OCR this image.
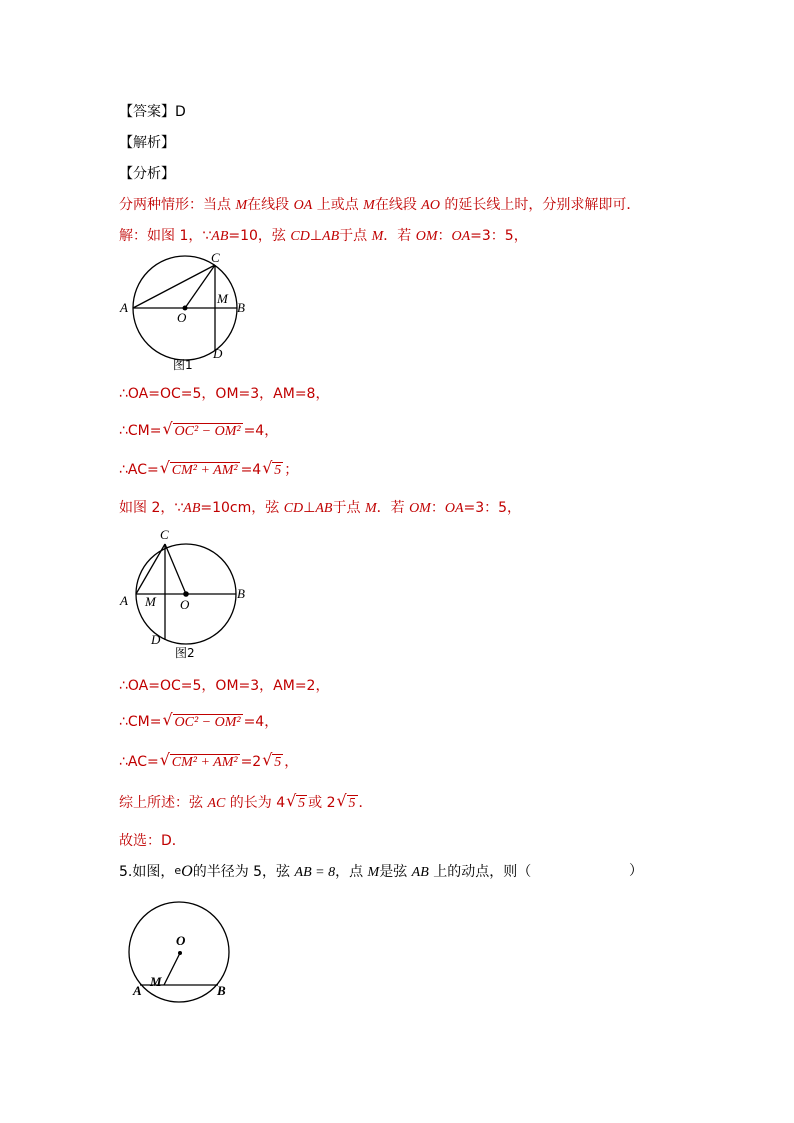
【答案】D
【解析】
【分析】
分两种情形：当点 M在线段 OA 上或点 M在线段 AO 的延长线上时，分别求解即可．
解：如图 1，∵AB=10，弦 CD⊥AB于点 M．若 OM：OA=3：5，
A	B
C
D
O
M
图1
∴OA=OC=5，OM=3，AM=8，
∴CM= √ OC² − OM² =4，
∴AC= √ CM² + AM² =4 √ 5 ；
如图 2，∵AB=10cm，弦 CD⊥AB于点 M．若 OM：OA=3：5，
A	B
C
D
O
M
图2
∴OA=OC=5，OM=3，AM=2，
∴CM= √ OC² − OM² =4，
∴AC= √ CM² + AM² =2 √ 5 ，
综上所述：弦 AC 的长为 4 √ 5 或 2 √ 5 ．
故选：D．
5.如图，eO的半径为 5，弦 AB = 8，点 M是弦 AB 上的动点，则（	）
O
M
A	B
